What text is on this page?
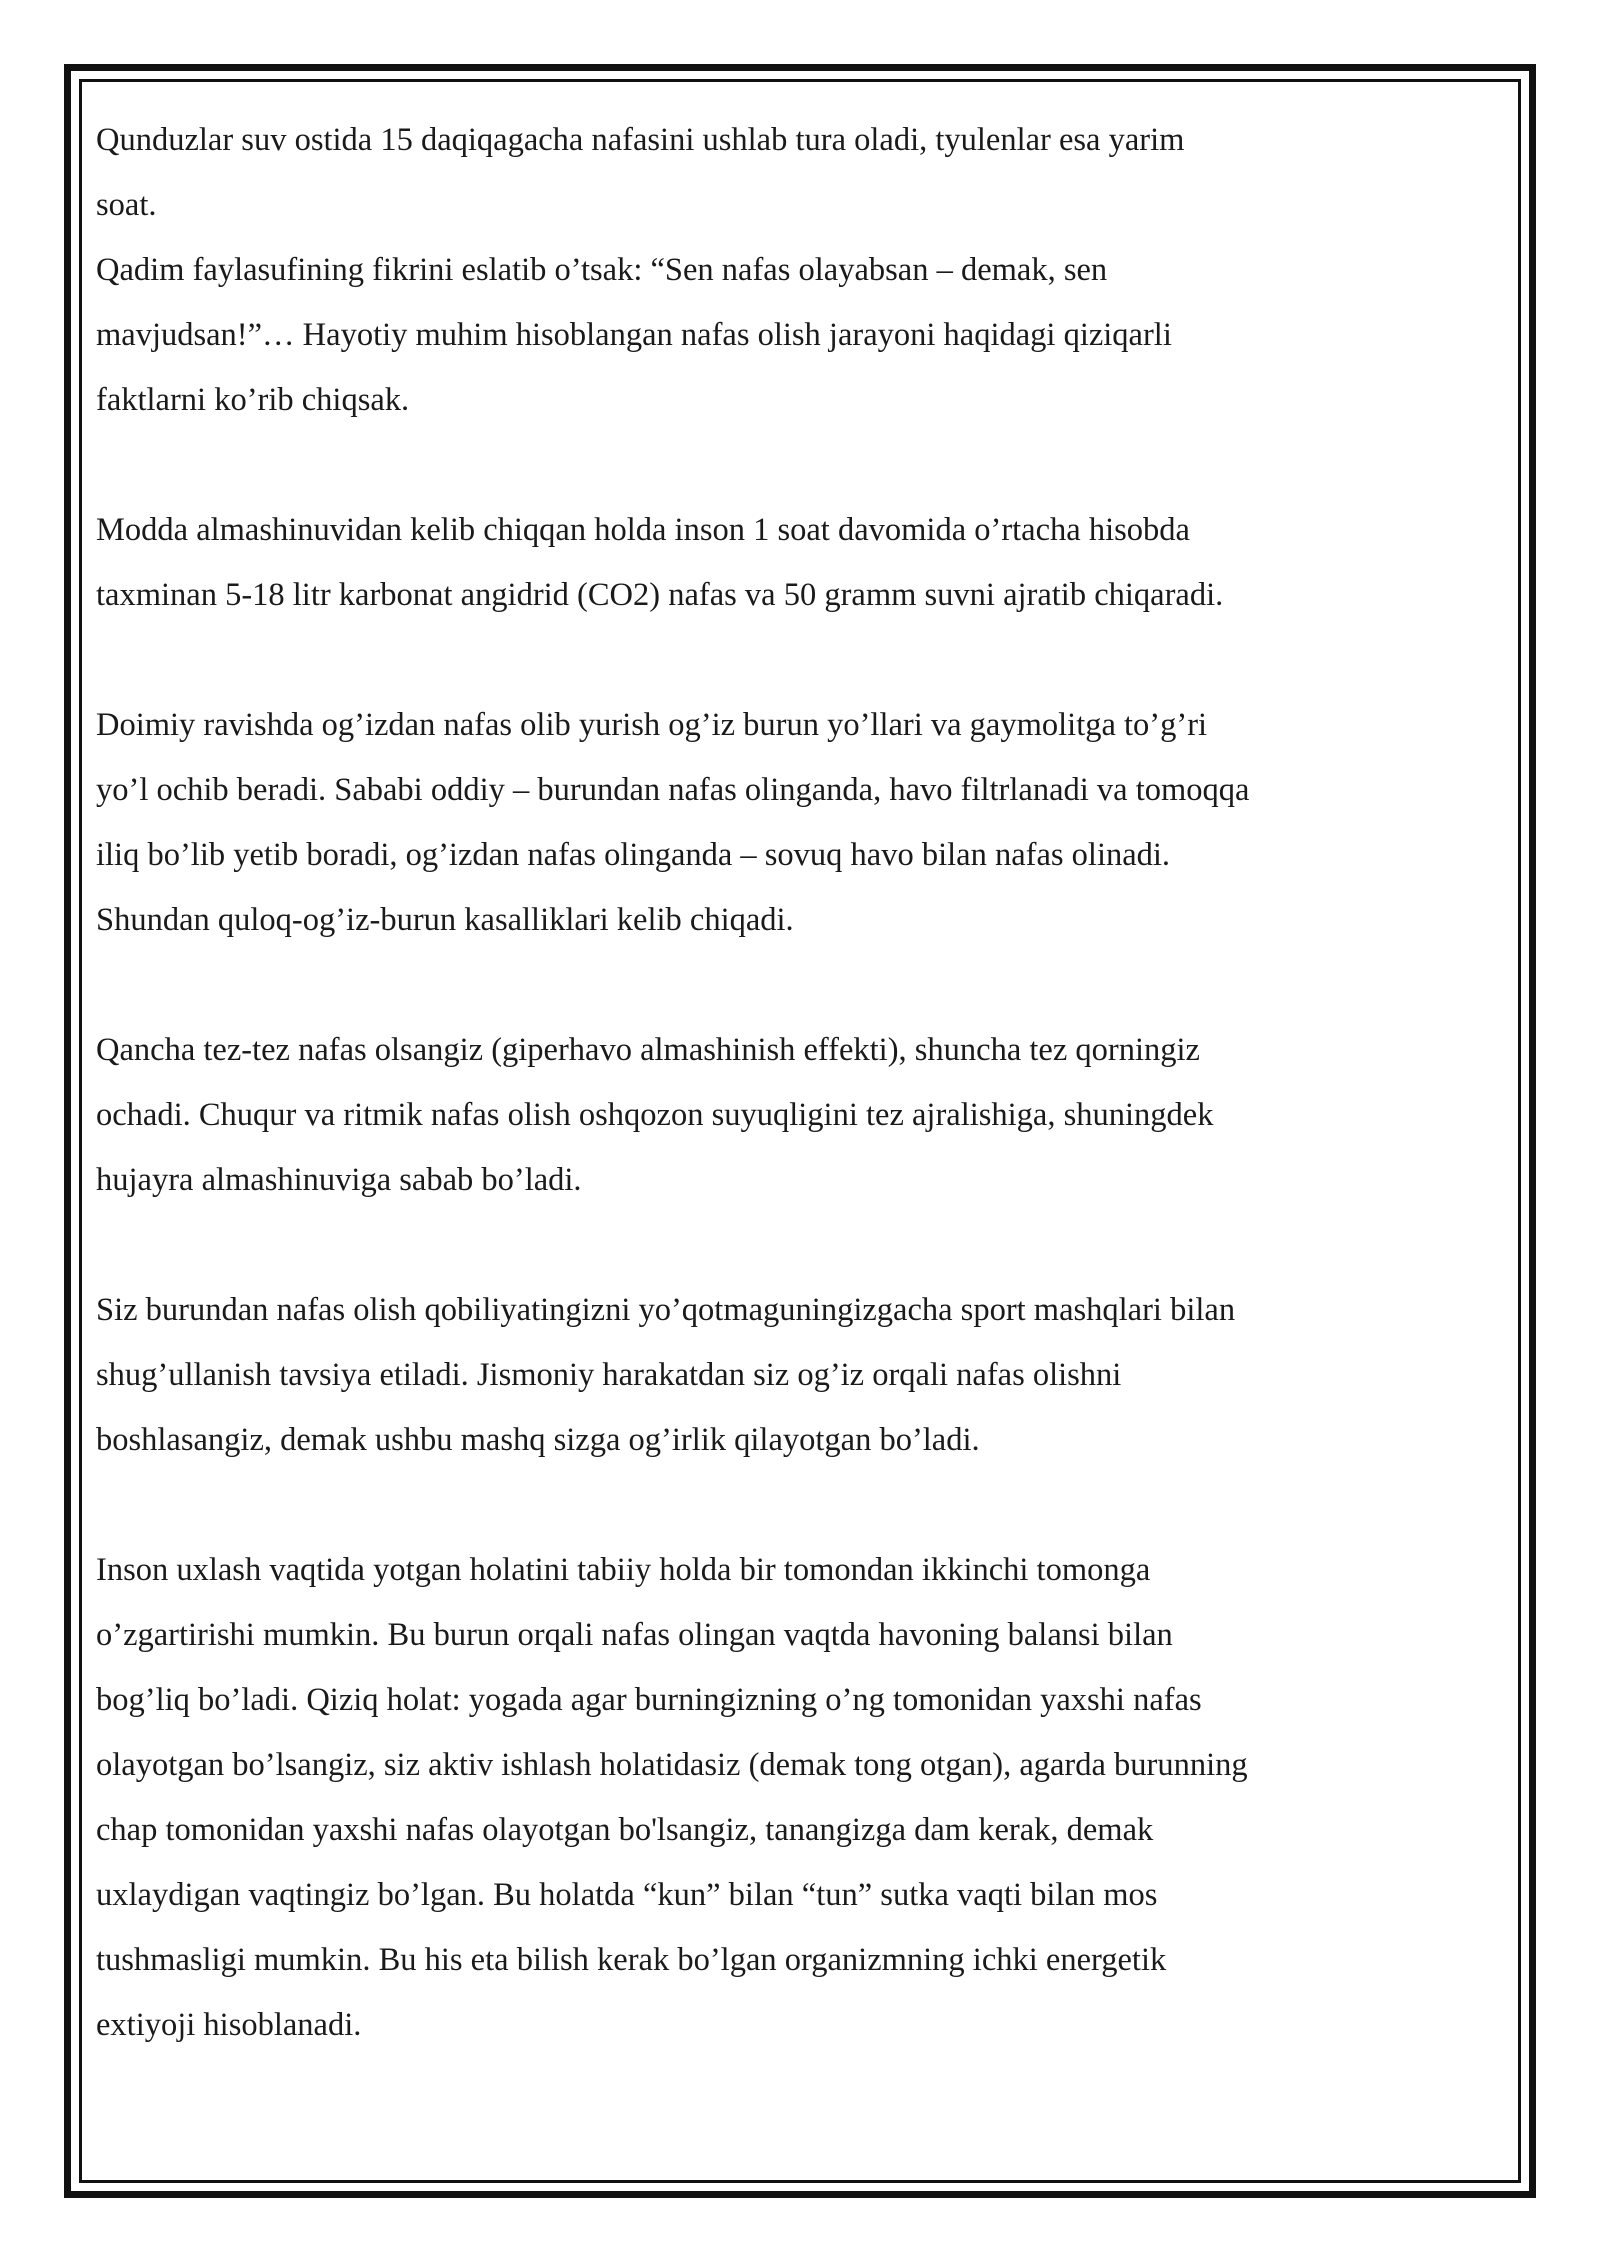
Qunduzlar suv ostida 15 daqiqagacha nafasini ushlab tura oladi, tyulenlar esa yarim
soat.

Qadim faylasufining fikrini eslatib o’tsak: “Sen nafas olayabsan – demak, sen
mavjudsan!”… Hayotiy muhim hisoblangan nafas olish jarayoni haqidagi qiziqarli
faktlarni ko’rib chiqsak.

Modda almashinuvidan kelib chiqqan holda inson 1 soat davomida o’rtacha hisobda
taxminan 5-18 litr karbonat angidrid (CO2) nafas va 50 gramm suvni ajratib chiqaradi.

Doimiy ravishda og’izdan nafas olib yurish og’iz burun yo’llari va gaymolitga to’g’ri
yo’l ochib beradi. Sababi oddiy – burundan nafas olinganda, havo filtrlanadi va tomoqqa
iliq bo’lib yetib boradi, og’izdan nafas olinganda – sovuq havo bilan nafas olinadi.
Shundan quloq-og’iz-burun kasalliklari kelib chiqadi.

Qancha tez-tez nafas olsangiz (giperhavo almashinish effekti), shuncha tez qorningiz
ochadi. Chuqur va ritmik nafas olish oshqozon suyuqligini tez ajralishiga, shuningdek
hujayra almashinuviga sabab bo’ladi.

Siz burundan nafas olish qobiliyatingizni yo’qotmaguningizgacha sport mashqlari bilan
shug’ullanish tavsiya etiladi. Jismoniy harakatdan siz og’iz orqali nafas olishni
boshlasangiz, demak ushbu mashq sizga og’irlik qilayotgan bo’ladi.

Inson uxlash vaqtida yotgan holatini tabiiy holda bir tomondan ikkinchi tomonga
o’zgartirishi mumkin. Bu burun orqali nafas olingan vaqtda havoning balansi bilan
bog’liq bo’ladi. Qiziq holat: yogada agar burningizning o’ng tomonidan yaxshi nafas
olayotgan bo’lsangiz, siz aktiv ishlash holatidasiz (demak tong otgan), agarda burunning
chap tomonidan yaxshi nafas olayotgan bo'lsangiz, tanangizga dam kerak, demak
uxlaydigan vaqtingiz bo’lgan. Bu holatda “kun” bilan “tun” sutka vaqti bilan mos
tushmasligi mumkin. Bu his eta bilish kerak bo’lgan organizmning ichki energetik
extiyoji hisoblanadi.
